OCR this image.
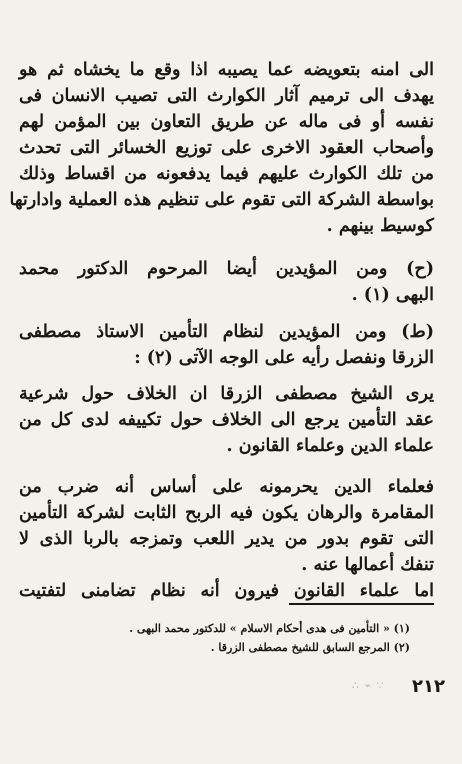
الى امنه بتعويضه عما يصيبه اذا وقع ما يخشاه ثم هو
يهدف الى ترميم آثار الكوارث التى تصيب الانسان فى
نفسه أو فى ماله عن طريق التعاون بين المؤمن لهم
وأصحاب العقود الاخرى على توزيع الخسائر التى تحدث
من تلك الكوارث عليهم فيما يدفعونه من اقساط وذلك
بواسطة الشركة التى تقوم على تنظيم هذه العملية وادارتها
كوسيط بينهم .
(ح) ومن المؤيدين أيضا المرحوم الدكتور محمد
البهى (١) .
(ط) ومن المؤيدين لنظام التأمين الاستاذ مصطفى
الزرقا ونفصل رأيه على الوجه الآتى (٢) :
يرى الشيخ مصطفى الزرقا ان الخلاف حول شرعية
عقد التأمين يرجع الى الخلاف حول تكييفه لدى كل من
علماء الدين وعلماء القانون .
فعلماء الدين يحرمونه على أساس أنه ضرب من
المقامرة والرهان يكون فيه الربح الثابت لشركة التأمين
التى تقوم بدور من يدير اللعب وتمزجه بالربا الذى لا
تنفك أعمالها عنه .
اما علماء القانون فيرون أنه نظام تضامنى لتفتيت
(١) « التأمين فى هدى أحكام الاسلام » للدكتور محمد البهى .
(٢) المرجع السابق للشيخ مصطفى الزرقا .
∴ ⌁ ∵ ٢١٢
